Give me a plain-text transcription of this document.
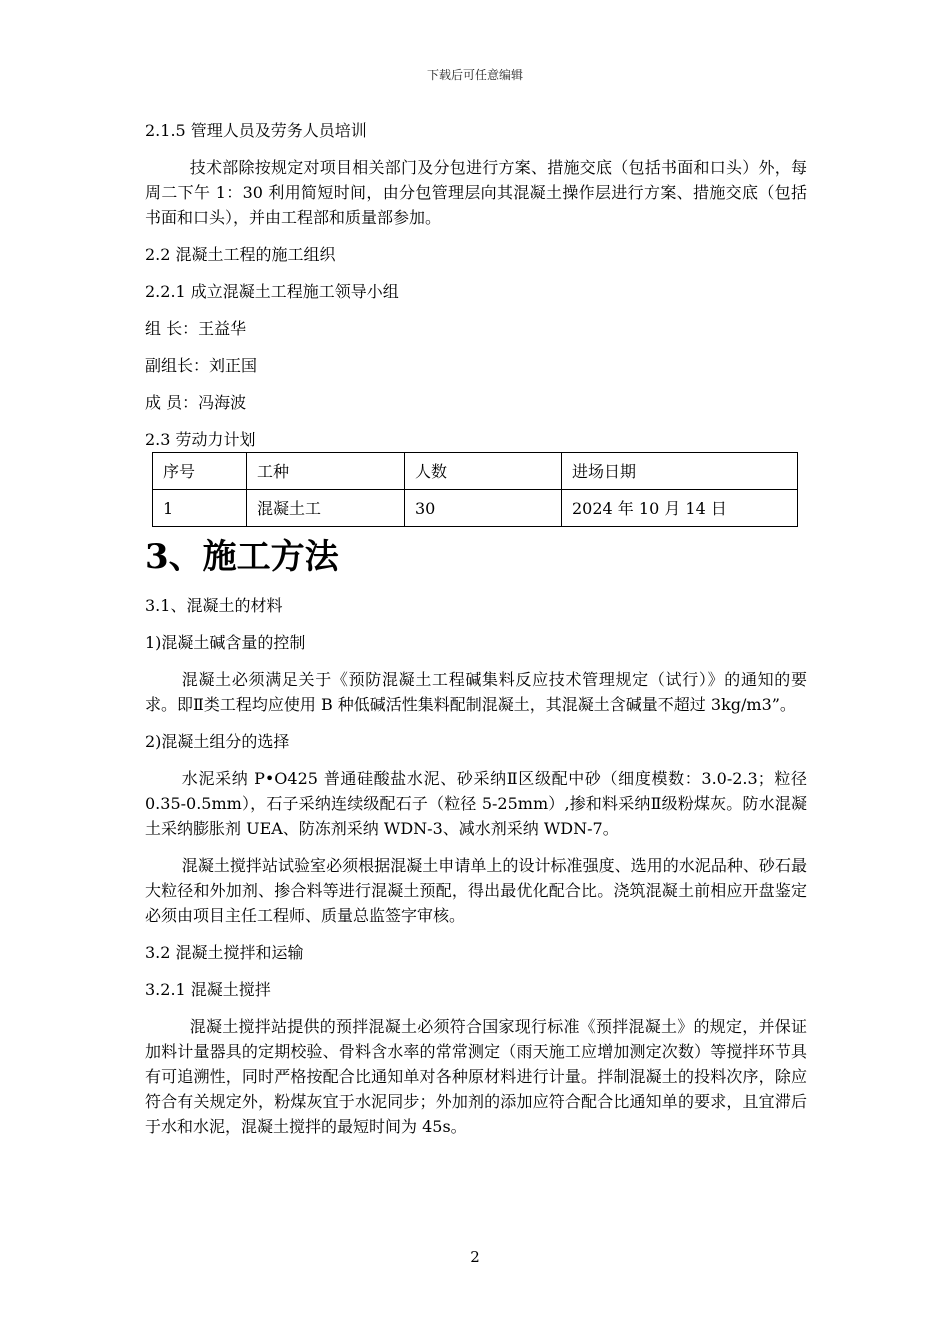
下载后可任意编辑

2.1.5 管理人员及劳务人员培训

技术部除按规定对项目相关部门及分包进行方案、措施交底（包括书面和口头）外，每周二下午 1：30 利用简短时间，由分包管理层向其混凝土操作层进行方案、措施交底（包括书面和口头），并由工程部和质量部参加。

2.2 混凝土工程的施工组织

2.2.1 成立混凝土工程施工领导小组

组 长：王益华

副组长：刘正国

成 员：冯海波

2.3 劳动力计划

序号	工种	人数	进场日期
1	混凝土工	30	2024 年 10 月 14 日

3、施工方法

3.1、混凝土的材料

1)混凝土碱含量的控制

混凝土必须满足关于《预防混凝土工程碱集料反应技术管理规定（试行）》的通知的要求。即Ⅱ类工程均应使用 B 种低碱活性集料配制混凝土，其混凝土含碱量不超过 3kg/m3”。

2)混凝土组分的选择

水泥采纳 P•O425 普通硅酸盐水泥、砂采纳Ⅱ区级配中砂（细度模数：3.0-2.3；粒径 0.35-0.5mm），石子采纳连续级配石子（粒径 5-25mm）,掺和料采纳Ⅱ级粉煤灰。防水混凝土采纳膨胀剂 UEA、防冻剂采纳 WDN-3、减水剂采纳 WDN-7。

混凝土搅拌站试验室必须根据混凝土申请单上的设计标准强度、选用的水泥品种、砂石最大粒径和外加剂、掺合料等进行混凝土预配，得出最优化配合比。浇筑混凝土前相应开盘鉴定必须由项目主任工程师、质量总监签字审核。

3.2 混凝土搅拌和运输

3.2.1 混凝土搅拌

混凝土搅拌站提供的预拌混凝土必须符合国家现行标准《预拌混凝土》的规定，并保证加料计量器具的定期校验、骨料含水率的常常测定（雨天施工应增加测定次数）等搅拌环节具有可追溯性，同时严格按配合比通知单对各种原材料进行计量。拌制混凝土的投料次序，除应符合有关规定外，粉煤灰宜于水泥同步；外加剂的添加应符合配合比通知单的要求，且宜滞后于水和水泥，混凝土搅拌的最短时间为 45s。

2
